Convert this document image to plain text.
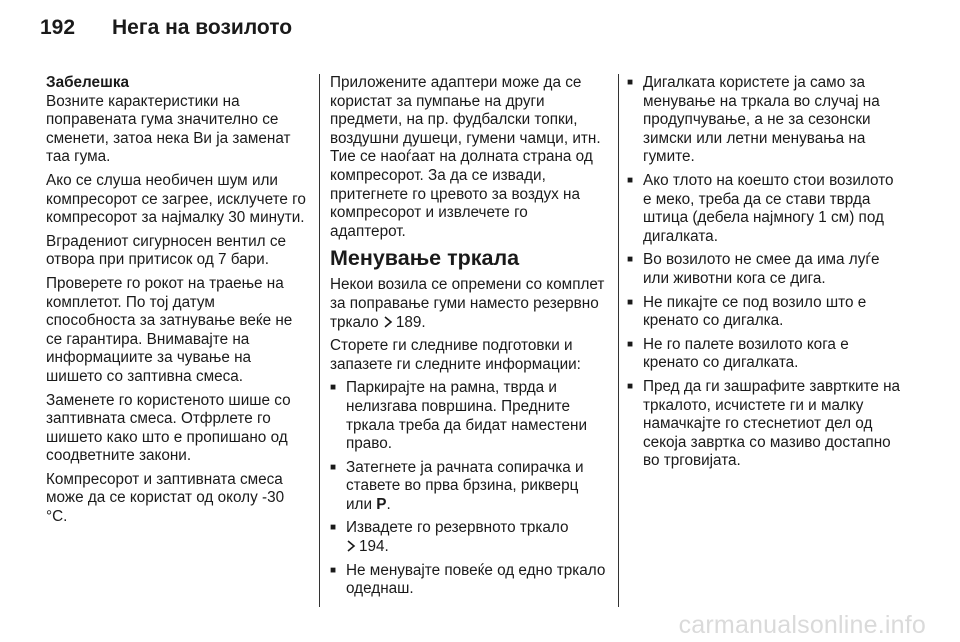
192	Нега на возилото

Забелешка
Возните карактеристики на поправената гума значително се сменети, затоа нека Ви ја заменат таа гума.

Ако се слуша необичен шум или компресорот се загрее, исклучете го компресорот за најмалку 30 минути.

Вградениот сигурносен вентил се отвора при притисок од 7 бари.

Проверете го рокот на траење на комплетот. По тој датум способноста за затнување веќе не се гарантира. Внимавајте на информациите за чување на шишето со заптивна смеса.

Заменете го користеното шише со заптивната смеса. Отфрлете го шишето како што е пропишано од соодветните закони.

Компресорот и заптивната смеса може да се користат од околу -30 °C.

Приложените адаптери може да се користат за пумпање на други предмети, на пр. фудбалски топки, воздушни душеци, гумени чамци, итн. Тие се наоѓаат на долната страна од компресорот. За да се извади, притегнете го цревото за воздух на компресорот и извлечете го адаптерот.

Менување тркала

Некои возила се опремени со комплет за поправање гуми наместо резервно тркало 189.

Сторете ги следниве подготовки и запазете ги следните информации:

■ Паркирајте на рамна, тврда и нелизгава површина. Предните тркала треба да бидат наместени право.
■ Затегнете ја рачната сопирачка и ставете во прва брзина, рикверц или P.
■ Извадете го резервното тркало
194.
■ Не менувајте повеќе од едно тркало одеднаш.
■ Дигалката користете ја само за менување на тркала во случај на продупчување, а не за сезонски зимски или летни менувања на гумите.
■ Ако тлото на коешто стои возилото е меко, треба да се стави тврда штица (дебела најмногу 1 см) под дигалката.
■ Во возилото не смее да има луѓе или животни кога се дига.
■ Не пикајте се под возило што е кренато со дигалка.
■ Не го палете возилото кога е кренато со дигалката.
■ Пред да ги зашрафите завртките на тркалото, исчистете ги и малку намачкајте го стеснетиот дел од секоја завртка со мазиво достапно во трговијата.
carmanualsonline.info
